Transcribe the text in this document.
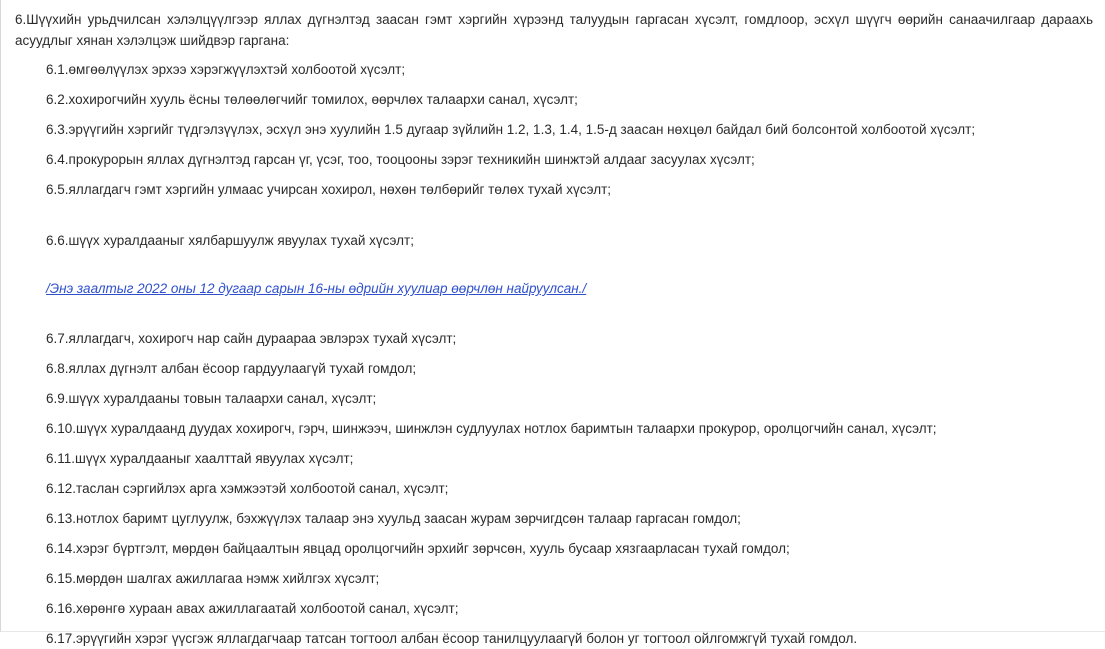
6.Шүүхийн урьдчилсан хэлэлцүүлгээр яллах дүгнэлтэд заасан гэмт хэргийн хүрээнд талуудын гаргасан хүсэлт, гомдлоор, эсхүл шүүгч өөрийн санаачилгаар дараахь асуудлыг хянан хэлэлцэж шийдвэр гаргана:

6.1.өмгөөлүүлэх эрхээ хэрэгжүүлэхтэй холбоотой хүсэлт;
6.2.хохирогчийн хууль ёсны төлөөлөгчийг томилох, өөрчлөх талаархи санал, хүсэлт;
6.3.эрүүгийн хэргийг түдгэлзүүлэх, эсхүл энэ хуулийн 1.5 дугаар зүйлийн 1.2, 1.3, 1.4, 1.5-д заасан нөхцөл байдал бий болсонтой холбоотой хүсэлт;
6.4.прокурорын яллах дүгнэлтэд гарсан үг, үсэг, тоо, тооцооны зэрэг техникийн шинжтэй алдааг засуулах хүсэлт;
6.5.яллагдагч гэмт хэргийн улмаас учирсан хохирол, нөхөн төлбөрийг төлөх тухай хүсэлт;
6.6.шүүх хуралдааныг хялбаршуулж явуулах тухай хүсэлт;
/Энэ заалтыг 2022 оны 12 дугаар сарын 16-ны өдрийн хуулиар өөрчлөн найруулсан./
6.7.яллагдагч, хохирогч нар сайн дураараа эвлэрэх тухай хүсэлт;
6.8.яллах дүгнэлт албан ёсоор гардуулаагүй тухай гомдол;
6.9.шүүх хуралдааны товын талаархи санал, хүсэлт;
6.10.шүүх хуралдаанд дуудах хохирогч, гэрч, шинжээч, шинжлэн судлуулах нотлох баримтын талаархи прокурор, оролцогчийн санал, хүсэлт;
6.11.шүүх хуралдааныг хаалттай явуулах хүсэлт;
6.12.таслан сэргийлэх арга хэмжээтэй холбоотой санал, хүсэлт;
6.13.нотлох баримт цуглуулж, бэхжүүлэх талаар энэ хуульд заасан журам зөрчигдсөн талаар гаргасан гомдол;
6.14.хэрэг бүртгэлт, мөрдөн байцаалтын явцад оролцогчийн эрхийг зөрчсөн, хууль бусаар хязгаарласан тухай гомдол;
6.15.мөрдөн шалгах ажиллагаа нэмж хийлгэх хүсэлт;
6.16.хөрөнгө хураан авах ажиллагаатай холбоотой санал, хүсэлт;
6.17.эрүүгийн хэрэг үүсгэж яллагдагчаар татсан тогтоол албан ёсоор танилцуулаагүй болон уг тогтоол ойлгомжгүй тухай гомдол.
